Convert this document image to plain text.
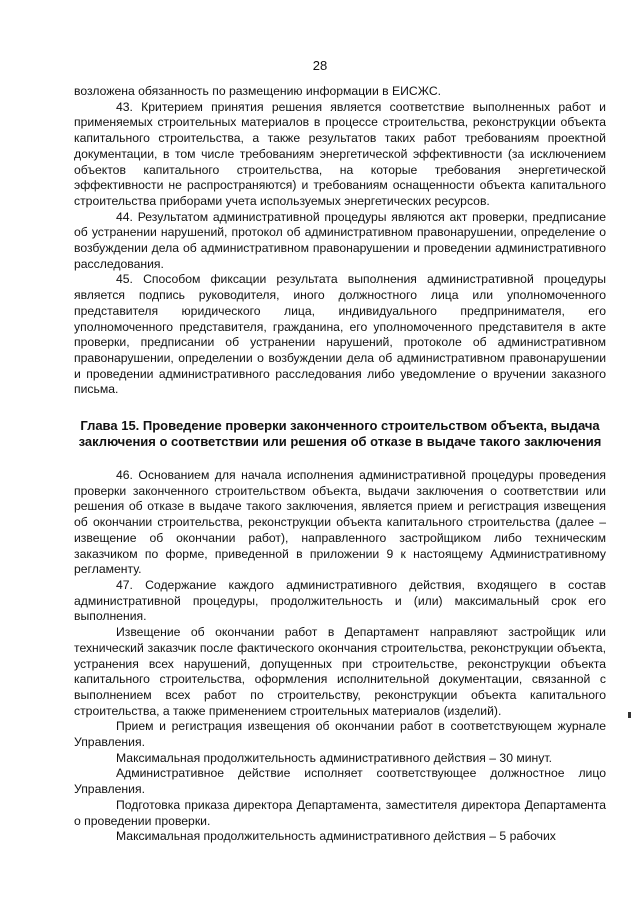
28

возложена обязанность по размещению информации в ЕИСЖС.

43. Критерием принятия решения является соответствие выполненных работ и применяемых строительных материалов в процессе строительства, реконструкции объекта капитального строительства, а также результатов таких работ требованиям проектной документации, в том числе требованиям энергетической эффективности (за исключением объектов капитального строительства, на которые требования энергетической эффективности не распространяются) и требованиям оснащенности объекта капитального строительства приборами учета используемых энергетических ресурсов.

44. Результатом административной процедуры являются акт проверки, предписание об устранении нарушений, протокол об административном правонарушении, определение о возбуждении дела об административном правонарушении и проведении административного расследования.

45. Способом фиксации результата выполнения административной процедуры является подпись руководителя, иного должностного лица или уполномоченного представителя юридического лица, индивидуального предпринимателя, его уполномоченного представителя, гражданина, его уполномоченного представителя в акте проверки, предписании об устранении нарушений, протоколе об административном правонарушении, определении о возбуждении дела об административном правонарушении и проведении административного расследования либо уведомление о вручении заказного письма.

Глава 15. Проведение проверки законченного строительством объекта, выдача заключения о соответствии или решения об отказе в выдаче такого заключения

46. Основанием для начала исполнения административной процедуры проведения проверки законченного строительством объекта, выдачи заключения о соответствии или решения об отказе в выдаче такого заключения, является прием и регистрация извещения об окончании строительства, реконструкции объекта капитального строительства (далее – извещение об окончании работ), направленного застройщиком либо техническим заказчиком по форме, приведенной в приложении 9 к настоящему Административному регламенту.

47. Содержание каждого административного действия, входящего в состав административной процедуры, продолжительность и (или) максимальный срок его выполнения.

Извещение об окончании работ в Департамент направляют застройщик или технический заказчик после фактического окончания строительства, реконструкции объекта, устранения всех нарушений, допущенных при строительстве, реконструкции объекта капитального строительства, оформления исполнительной документации, связанной с выполнением всех работ по строительству, реконструкции объекта капитального строительства, а также применением строительных материалов (изделий).

Прием и регистрация извещения об окончании работ в соответствующем журнале Управления.

Максимальная продолжительность административного действия – 30 минут.

Административное действие исполняет соответствующее должностное лицо Управления.

Подготовка приказа директора Департамента, заместителя директора Департамента о проведении проверки.

Максимальная продолжительность административного действия – 5 рабочих
